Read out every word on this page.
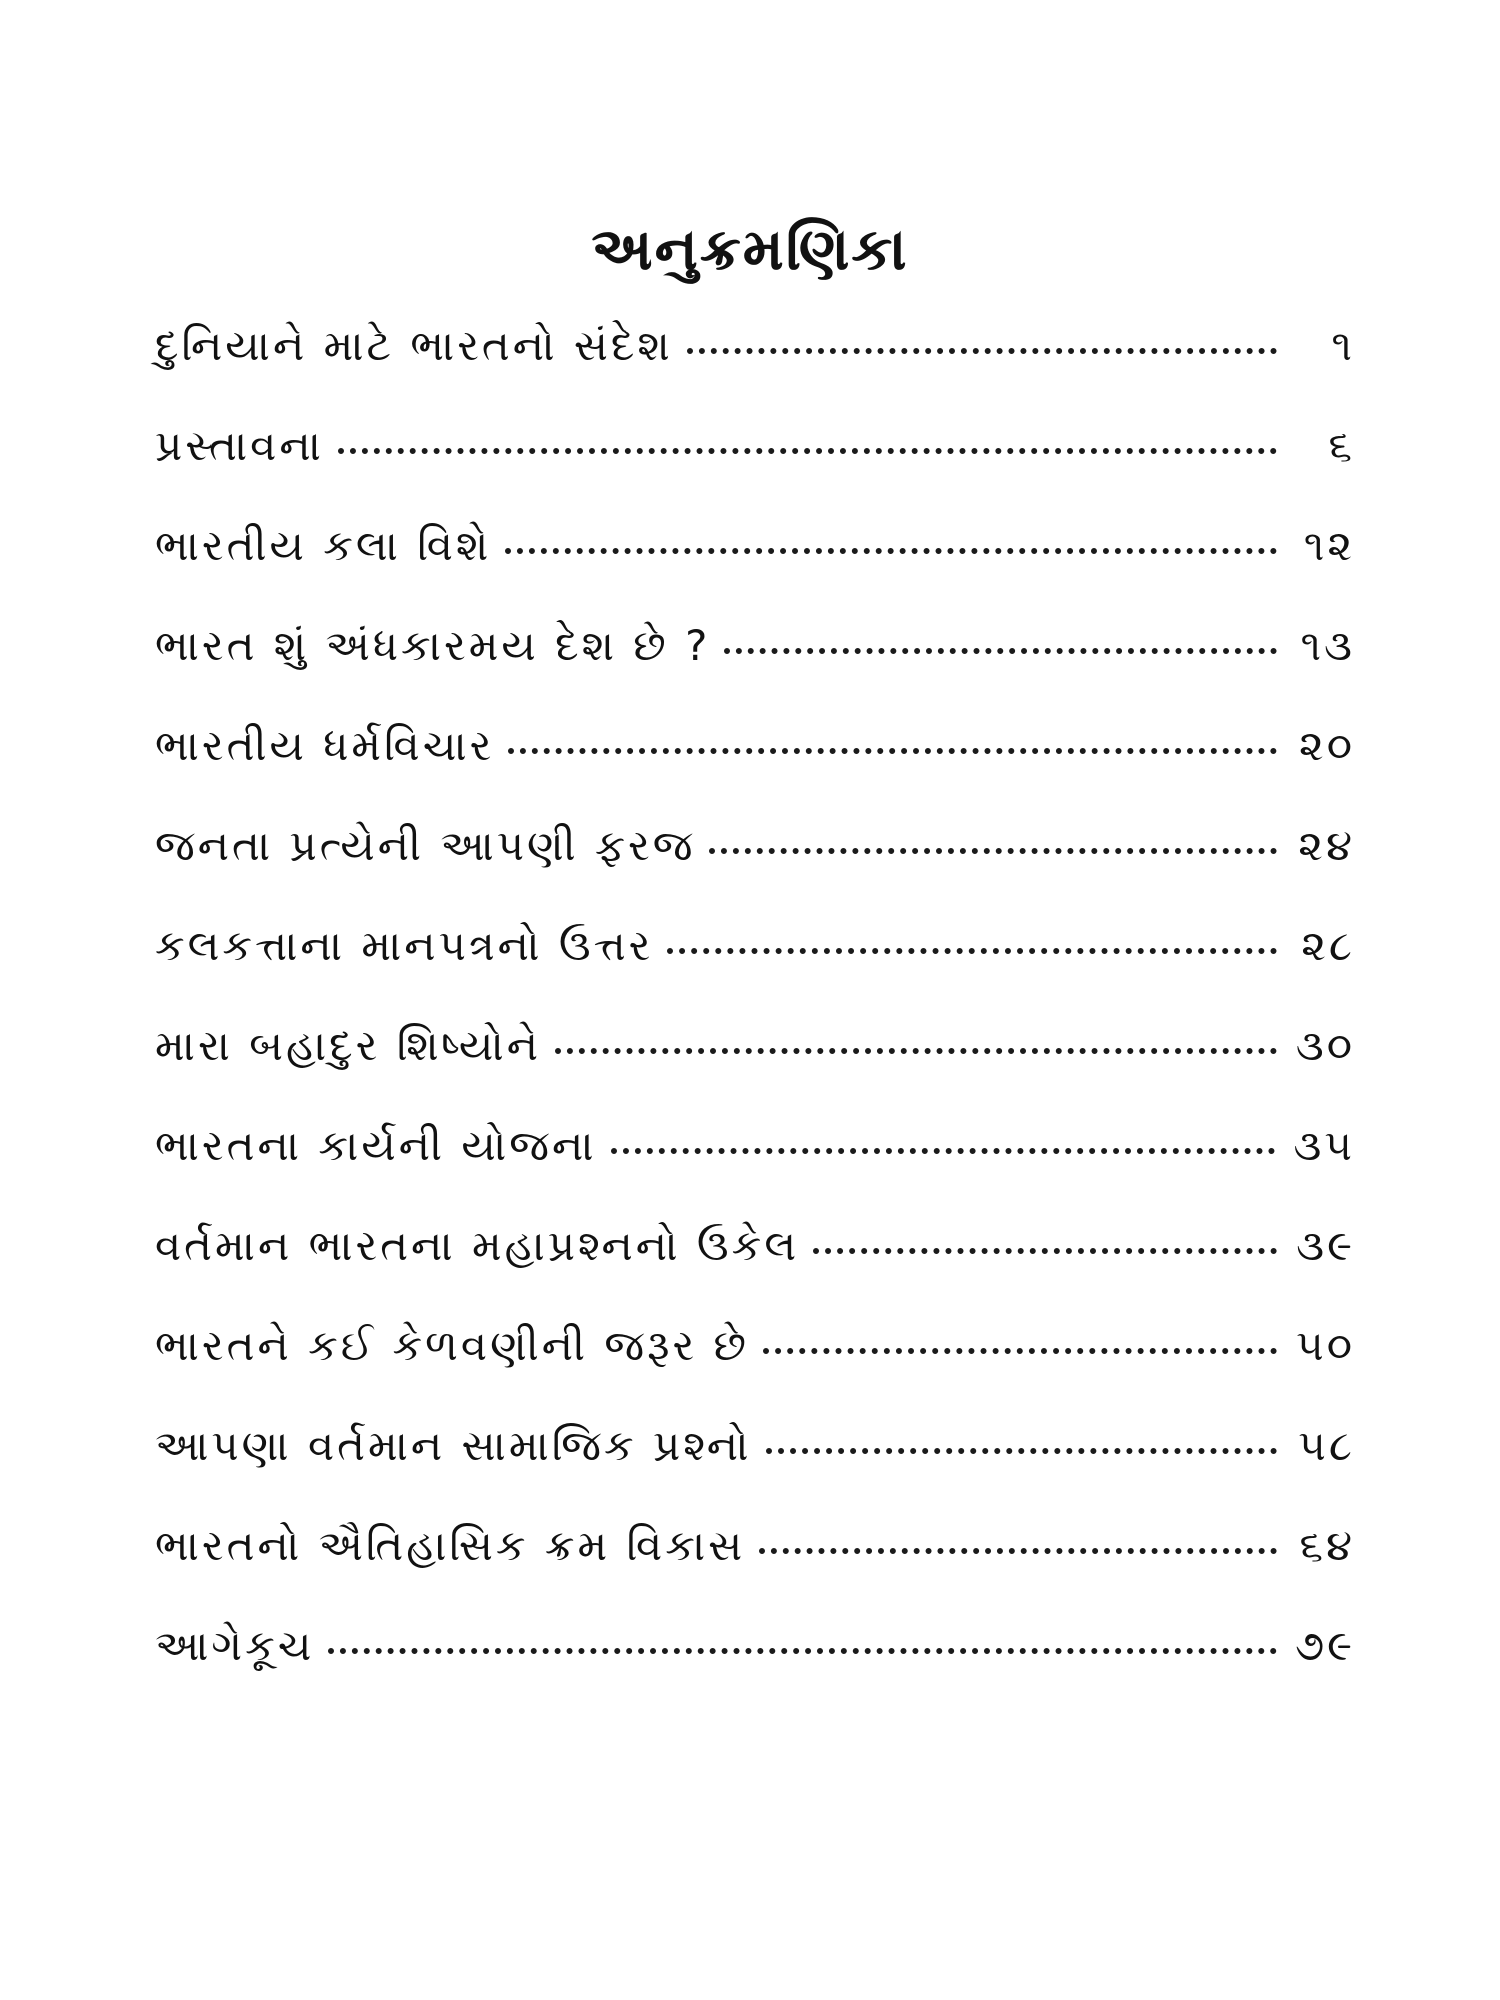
અનુક્રમણિકા
દુનિયાને માટે ભારતનો સંદેશ	૧
પ્રસ્તાવના	૬
ભારતીય કલા વિશે	૧૨
ભારત શું અંધકારમય દેશ છે ?	૧૩
ભારતીય ધર્મવિચાર	૨૦
જનતા પ્રત્યેની આપણી ફરજ	૨૪
કલકત્તાના માનપત્રનો ઉત્તર	૨૮
મારા બહાદુર શિષ્યોને	૩૦
ભારતના કાર્યની યોજના	૩૫
વર્તમાન ભારતના મહાપ્રશ્નનો ઉકેલ	૩૯
ભારતને કઈ કેળવણીની જરૂર છે	૫૦
આપણા વર્તમાન સામાજિક પ્રશ્નો	૫૮
ભારતનો ઐતિહાસિક ક્રમ વિકાસ	૬૪
આગેકૂચ	૭૯
